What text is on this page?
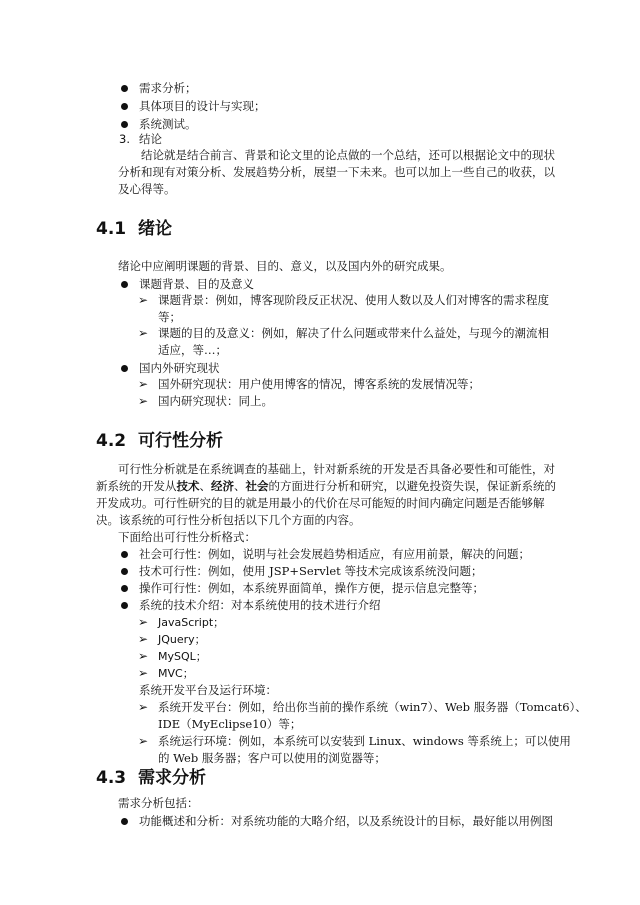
需求分析；
具体项目的设计与实现；
系统测试。
3. 结论
结论就是结合前言、背景和论文里的论点做的一个总结，还可以根据论文中的现状
分析和现有对策分析、发展趋势分析，展望一下未来。也可以加上一些自己的收获，以
及心得等。
4.1 绪论
绪论中应阐明课题的背景、目的、意义，以及国内外的研究成果。
课题背景、目的及意义
➢ 课题背景：例如，博客现阶段反正状况、使用人数以及人们对博客的需求程度
等；
➢ 课题的目的及意义：例如，解决了什么问题或带来什么益处，与现今的潮流相
适应，等…；
国内外研究现状
➢ 国外研究现状：用户使用博客的情况，博客系统的发展情况等；
➢ 国内研究现状：同上。
4.2 可行性分析
可行性分析就是在系统调查的基础上，针对新系统的开发是否具备必要性和可能性，对
新系统的开发从技术、经济、社会的方面进行分析和研究，以避免投资失误，保证新系统的
开发成功。可行性研究的目的就是用最小的代价在尽可能短的时间内确定问题是否能够解
决。该系统的可行性分析包括以下几个方面的内容。
下面给出可行性分析格式：
社会可行性：例如，说明与社会发展趋势相适应，有应用前景，解决的问题；
技术可行性：例如，使用 JSP+Servlet 等技术完成该系统没问题；
操作可行性：例如，本系统界面简单，操作方便，提示信息完整等；
系统的技术介绍：对本系统使用的技术进行介绍
➢ JavaScript；
➢ JQuery；
➢ MySQL；
➢ MVC；
系统开发平台及运行环境：
➢ 系统开发平台：例如，给出你当前的操作系统（win7）、Web 服务器（Tomcat6）、
IDE（MyEclipse10）等；
➢ 系统运行环境：例如，本系统可以安装到 Linux、windows 等系统上；可以使用
的 Web 服务器；客户可以使用的浏览器等；
4.3 需求分析
需求分析包括：
功能概述和分析：对系统功能的大略介绍，以及系统设计的目标，最好能以用例图
